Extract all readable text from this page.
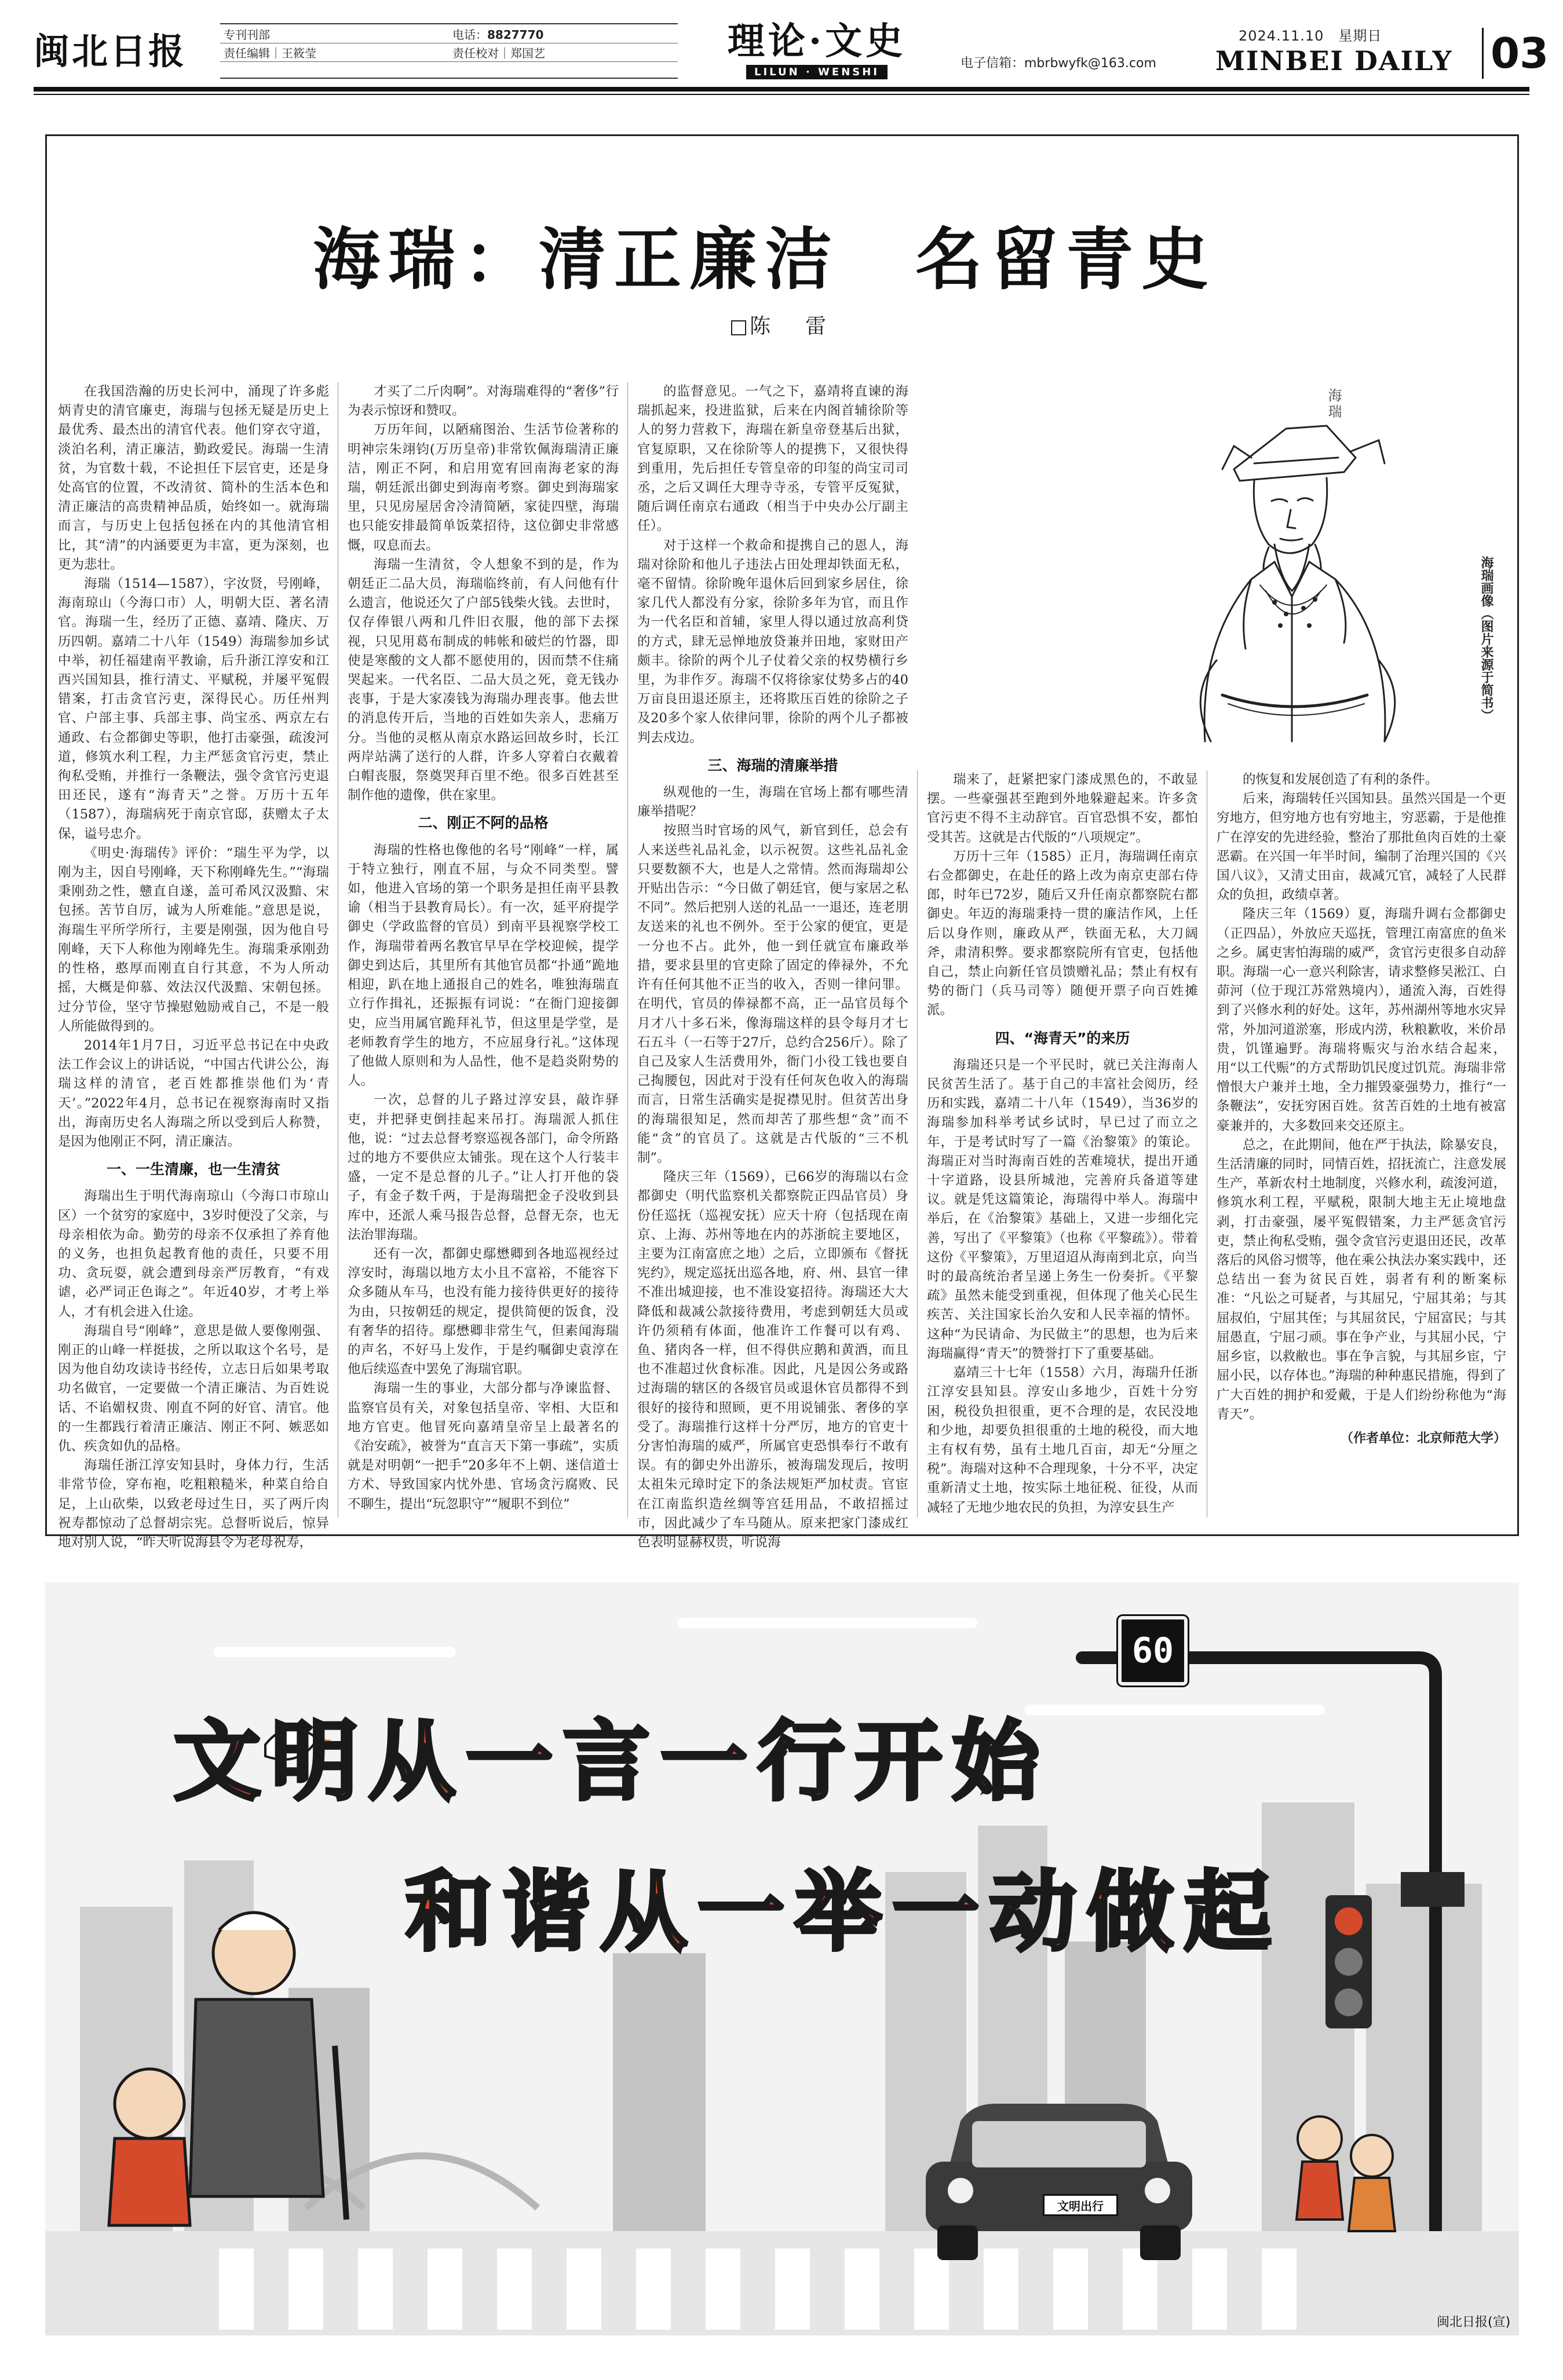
闽北日报	专刊刊部	电话：8827770
责任编辑｜王筱莹	责任校对｜郑国艺	理论·文史
LILUN · WENSHI
电子信箱：mbrbwyfk@163.com
2024.11.10　星期日
MINBEI DAILY 03
海瑞：清正廉洁　名留青史
陈　雷
海瑞
海瑞画像（图片来源于简书）

在我国浩瀚的历史长河中，涌现了许多彪炳青史的清官廉吏，海瑞与包拯无疑是历史上最优秀、最杰出的清官代表。他们穿衣守道，淡泊名利，清正廉洁，勤政爱民。海瑞一生清贫，为官数十载，不论担任下层官吏，还是身处高官的位置，不改清贫、简朴的生活本色和清正廉洁的高贵精神品质，始终如一。就海瑞而言，与历史上包括包拯在内的其他清官相比，其“清”的内涵要更为丰富，更为深刻，也更为悲壮。

海瑞（1514—1587），字汝贤，号刚峰，海南琼山（今海口市）人，明朝大臣、著名清官。海瑞一生，经历了正德、嘉靖、隆庆、万历四朝。嘉靖二十八年（1549）海瑞参加乡试中举，初任福建南平教谕，后升浙江淳安和江西兴国知县，推行清丈、平赋税，并屡平冤假错案，打击贪官污吏，深得民心。历任州判官、户部主事、兵部主事、尚宝丞、两京左右通政、右佥都御史等职，他打击豪强，疏浚河道，修筑水利工程，力主严惩贪官污吏，禁止徇私受贿，并推行一条鞭法，强令贪官污吏退田还民，遂有“海青天”之誉。万历十五年（1587），海瑞病死于南京官邸，获赠太子太保，谥号忠介。

《明史·海瑞传》评价：“瑞生平为学，以刚为主，因自号刚峰，天下称刚峰先生。”“海瑞秉刚劲之性，戆直自遂，盖可希风汉汲黯、宋包拯。苦节自厉，诚为人所难能。”意思是说，海瑞生平所学所行，主要是刚强，因为他自号刚峰，天下人称他为刚峰先生。海瑞秉承刚劲的性格，憨厚而刚直自行其意，不为人所动摇，大概是仰慕、效法汉代汲黯、宋朝包拯。过分节俭，坚守节操慰勉励戒自己，不是一般人所能做得到的。

2014年1月7日，习近平总书记在中央政法工作会议上的讲话说，“中国古代讲公公，海瑞这样的清官，老百姓都推崇他们为‘青天’。”2022年4月，总书记在视察海南时又指出，海南历史名人海瑞之所以受到后人称赞，是因为他刚正不阿，清正廉洁。

一、一生清廉，也一生清贫

海瑞出生于明代海南琼山（今海口市琼山区）一个贫穷的家庭中，3岁时便没了父亲，与母亲相依为命。勤劳的母亲不仅承担了养育他的义务，也担负起教育他的责任，只要不用功、贪玩耍，就会遭到母亲严厉教育，“有戏谑，必严词正色诲之”。年近40岁，才考上举人，才有机会进入仕途。

海瑞自号“刚峰”，意思是做人要像刚强、刚正的山峰一样挺拔，之所以取这个名号，是因为他自幼攻读诗书经传，立志日后如果考取功名做官，一定要做一个清正廉洁、为百姓说话、不谄媚权贵、刚直不阿的好官、清官。他的一生都践行着清正廉洁、刚正不阿、嫉恶如仇、疾贪如仇的品格。

海瑞任浙江淳安知县时，身体力行，生活非常节俭，穿布袍，吃粗粮糙米，种菜自给自足，上山砍柴，以致老母过生日，买了两斤肉祝寿都惊动了总督胡宗宪。总督听说后，惊异地对别人说，“昨天听说海县令为老母祝寿，

才买了二斤肉啊”。对海瑞难得的“奢侈”行为表示惊讶和赞叹。

万历年间，以陋痛图治、生活节俭著称的明神宗朱翊钧(万历皇帝)非常钦佩海瑞清正廉洁，刚正不阿，和启用宽宥回南海老家的海瑞，朝廷派出御史到海南考察。御史到海瑞家里，只见房屋居舍冷清简陋，家徒四壁，海瑞也只能安排最简单饭菜招待，这位御史非常感慨，叹息而去。

海瑞一生清贫，令人想象不到的是，作为朝廷正二品大员，海瑞临终前，有人问他有什么遗言，他说还欠了户部5钱柴火钱。去世时，仅存俸银八两和几件旧衣服，他的部下去探视，只见用葛布制成的帏帐和破烂的竹器，即使是寒酸的文人都不愿使用的，因而禁不住痛哭起来。一代名臣、二品大员之死，竟无钱办丧事，于是大家凑钱为海瑞办理丧事。他去世的消息传开后，当地的百姓如失亲人，悲痛万分。当他的灵柩从南京水路运回故乡时，长江两岸站满了送行的人群，许多人穿着白衣戴着白帽丧服，祭奠哭拜百里不绝。很多百姓甚至制作他的遗像，供在家里。

二、刚正不阿的品格

海瑞的性格也像他的名号“刚峰”一样，属于特立独行，刚直不屈，与众不同类型。譬如，他进入官场的第一个职务是担任南平县教谕（相当于县教育局长）。有一次，延平府提学御史（学政监督的官员）到南平县视察学校工作，海瑞带着两名教官早早在学校迎候，提学御史到达后，其里所有其他官员都“扑通”跪地相迎，趴在地上通报自己的姓名，唯独海瑞直立行作揖礼，还振振有词说：“在衙门迎接御史，应当用属官跪拜礼节，但这里是学堂，是老师教育学生的地方，不应屈身行礼。”这体现了他做人原则和为人品性，他不是趋炎附势的人。

一次，总督的儿子路过淳安县，敲诈驿吏，并把驿吏倒挂起来吊打。海瑞派人抓住他，说：“过去总督考察巡视各部门，命令所路过的地方不要供应太铺张。现在这个人行装丰盛，一定不是总督的儿子。”让人打开他的袋子，有金子数千两，于是海瑞把金子没收到县库中，还派人乘马报告总督，总督无奈，也无法治罪海瑞。

还有一次，都御史鄢懋卿到各地巡视经过淳安时，海瑞以地方太小且不富裕，不能容下众多随从车马，也没有能力接待供更好的接待为由，只按朝廷的规定，提供简便的饭食，没有奢华的招待。鄢懋卿非常生气，但素闻海瑞的声名，不好马上发作，于是约嘱御史袁淳在他后续巡查中罢免了海瑞官职。

海瑞一生的事业，大部分都与净谏监督、监察官员有关，对象包括皇帝、宰相、大臣和地方官吏。他冒死向嘉靖皇帝呈上最著名的《治安疏》，被誉为“直言天下第一事疏”，实质就是对明朝“一把手”20多年不上朝、迷信道士方术、导致国家内忧外患、官场贪污腐败、民不聊生，提出“玩忽职守”“履职不到位”

的监督意见。一气之下，嘉靖将直谏的海瑞抓起来，投进监狱，后来在内阁首辅徐阶等人的努力营救下，海瑞在新皇帝登基后出狱，官复原职，又在徐阶等人的提携下，又很快得到重用，先后担任专管皇帝的印玺的尚宝司司丞，之后又调任大理寺寺丞，专管平反冤狱，随后调任南京右通政（相当于中央办公厅副主任）。

对于这样一个救命和提携自己的恩人，海瑞对徐阶和他儿子违法占田处理却铁面无私，毫不留情。徐阶晚年退休后回到家乡居住，徐家几代人都没有分家，徐阶多年为官，而且作为一代名臣和首辅，家里人得以通过放高利贷的方式，肆无忌惮地放贷兼并田地，家财田产颇丰。徐阶的两个儿子仗着父亲的权势横行乡里，为非作歹。海瑞不仅将徐家仗势多占的40万亩良田退还原主，还将欺压百姓的徐阶之子及20多个家人依律问罪，徐阶的两个儿子都被判去戍边。

三、海瑞的清廉举措

纵观他的一生，海瑞在官场上都有哪些清廉举措呢？

按照当时官场的风气，新官到任，总会有人来送些礼品礼金，以示祝贺。这些礼品礼金只要数额不大，也是人之常情。然而海瑞却公开贴出告示：“今日做了朝廷官，便与家居之私不同”。然后把别人送的礼品一一退还，连老朋友送来的礼也不例外。至于公家的便宜，更是一分也不占。此外，他一到任就宣布廉政举措，要求县里的官吏除了固定的俸禄外，不允许有任何其他不正当的收入，否则一律问罪。在明代，官员的俸禄都不高，正一品官员每个月才八十多石米，像海瑞这样的县令每月才七石五斗（一石等于27斤，总约合256斤）。除了自己及家人生活费用外，衙门小役工钱也要自己掏腰包，因此对于没有任何灰色收入的海瑞而言，日常生活确实是捉襟见肘。但贫苦出身的海瑞很知足，然而却苦了那些想“贪”而不能“贪”的官员了。这就是古代版的“三不机制”。

隆庆三年（1569），已66岁的海瑞以右佥都御史（明代监察机关都察院正四品官员）身份任巡抚（巡视安抚）应天十府（包括现在南京、上海、苏州等地在内的苏浙皖主要地区，主要为江南富庶之地）之后，立即颁布《督抚宪约》，规定巡抚出巡各地，府、州、县官一律不准出城迎接，也不准设宴招待。海瑞还大大降低和裁减公款接待费用，考虑到朝廷大员或许仍须稍有体面，他准许工作餐可以有鸡、鱼、猪肉各一样，但不得供应鹅和黄酒，而且也不准超过伙食标准。因此，凡是因公务或路过海瑞的辖区的各级官员或退休官员都得不到很好的接待和照顾，更不用说铺张、奢侈的享受了。海瑞推行这样十分严厉，地方的官吏十分害怕海瑞的威严，所属官吏恐惧奉行不敢有误。有的御史外出游乐，被海瑞发现后，按明太祖朱元璋时定下的条法规矩严加杖责。官宦在江南监织造丝绸等宫廷用品，不敢招摇过市，因此减少了车马随从。原来把家门漆成红色表明显赫权贵，听说海

瑞来了，赶紧把家门漆成黑色的，不敢显摆。一些豪强甚至跑到外地躲避起来。许多贪官污吏不得不主动辞官。百官恐惧不安，都怕受其苦。这就是古代版的“八项规定”。

万历十三年（1585）正月，海瑞调任南京右佥都御史，在赴任的路上改为南京吏部右侍郎，时年已72岁，随后又升任南京都察院右都御史。年迈的海瑞秉持一贯的廉洁作风，上任后以身作则，廉政从严，铁面无私，大刀阔斧，肃清积弊。要求都察院所有官吏，包括他自己，禁止向新任官员馈赠礼品；禁止有权有势的衙门（兵马司等）随便开票子向百姓摊派。

四、“海青天”的来历

海瑞还只是一个平民时，就已关注海南人民贫苦生活了。基于自己的丰富社会阅历，经历和实践，嘉靖二十八年（1549），当36岁的海瑞参加科举考试乡试时，早已过了而立之年，于是考试时写了一篇《治黎策》的策论。海瑞正对当时海南百姓的苦难境状，提出开通十字道路，设县所城池，完善府兵备道等建议。就是凭这篇策论，海瑞得中举人。海瑞中举后，在《治黎策》基础上，又进一步细化完善，写出了《平黎策》（也称《平黎疏》）。带着这份《平黎策》，万里迢迢从海南到北京，向当时的最高统治者呈递上务生一份奏折。《平黎疏》虽然未能受到重视，但体现了他关心民生疾苦、关注国家长治久安和人民幸福的情怀。这种“为民请命、为民做主”的思想，也为后来海瑞赢得“青天”的赞誉打下了重要基础。

嘉靖三十七年（1558）六月，海瑞升任浙江淳安县知县。淳安山多地少，百姓十分穷困，税役负担很重，更不合理的是，农民没地和少地，却要负担很重的土地的税役，而大地主有权有势，虽有土地几百亩，却无“分厘之税”。海瑞对这种不合理现象，十分不平，决定重新清丈土地，按实际土地征税、征役，从而减轻了无地少地农民的负担，为淳安县生产

的恢复和发展创造了有利的条件。

后来，海瑞转任兴国知县。虽然兴国是一个更穷地方，但穷地方也有穷地主，穷恶霸，于是他推广在淳安的先进经验，整治了那批鱼肉百姓的土豪恶霸。在兴国一年半时间，编制了治理兴国的《兴国八议》，又清丈田亩，裁减冗官，减轻了人民群众的负担，政绩卓著。

隆庆三年（1569）夏，海瑞升调右佥都御史（正四品），外放应天巡抚，管理江南富庶的鱼米之乡。属吏害怕海瑞的威严，贪官污吏很多自动辞职。海瑞一心一意兴利除害，请求整修吴淞江、白茆河（位于现江苏常熟境内），通流入海，百姓得到了兴修水利的好处。这年，苏州湖州等地水灾异常，外加河道淤塞，形成内涝，秋粮歉收，米价昂贵，饥馑遍野。海瑞将赈灾与治水结合起来，用“以工代赈”的方式帮助饥民度过饥荒。海瑞非常憎恨大户兼并土地，全力摧毁豪强势力，推行“一条鞭法”，安抚穷困百姓。贫苦百姓的土地有被富豪兼并的，大多数回来交还原主。

总之，在此期间，他在严于执法，除暴安良，生活清廉的同时，同情百姓，招抚流亡，注意发展生产，革新农村土地制度，兴修水利，疏浚河道，修筑水利工程，平赋税，限制大地主无止境地盘剥，打击豪强，屡平冤假错案，力主严惩贪官污吏，禁止徇私受贿，强令贪官污吏退田还民，改革落后的风俗习惯等，他在乘公执法办案实践中，还总结出一套为贫民百姓，弱者有利的断案标准：“凡讼之可疑者，与其屈兄，宁屈其弟；与其屈叔伯，宁屈其侄；与其屈贫民，宁屈富民；与其屈愚直，宁屈刁顽。事在争产业，与其屈小民，宁屈乡宦，以救敝也。事在争言貌，与其屈乡宦，宁屈小民，以存体也。”海瑞的种种惠民措施，得到了广大百姓的拥护和爱戴，于是人们纷纷称他为“海青天”。

（作者单位：北京师范大学）

60
文明从一言一行开始
和谐从一举一动做起
文明出行
闽北日报(宣)
